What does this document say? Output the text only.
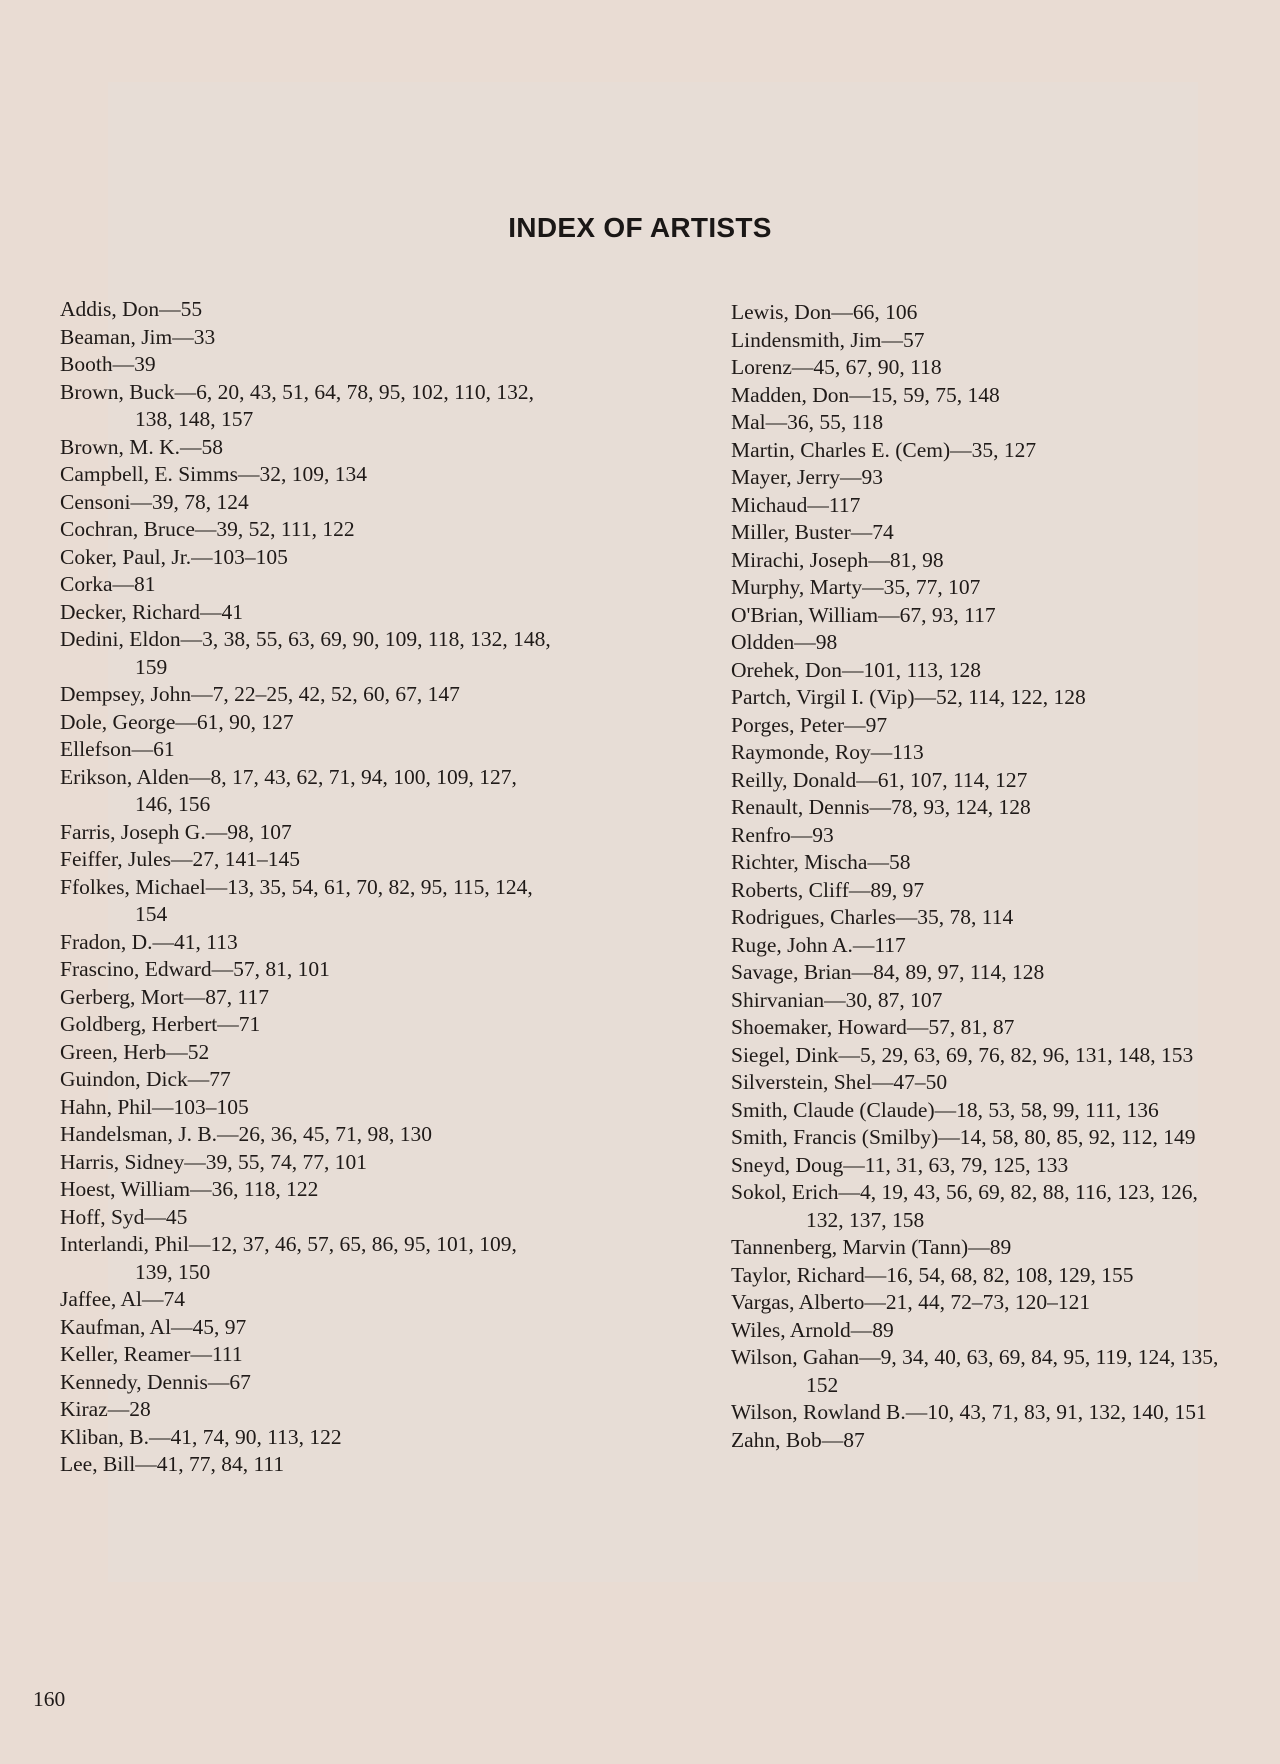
INDEX OF ARTISTS

Addis, Don—55

Beaman, Jim—33

Booth—39

Brown, Buck—6, 20, 43, 51, 64, 78, 95, 102, 110, 132,
138, 148, 157

Brown, M. K.—58

Campbell, E. Simms—32, 109, 134

Censoni—39, 78, 124

Cochran, Bruce—39, 52, 111, 122

Coker, Paul, Jr.—103–105

Corka—81

Decker, Richard—41

Dedini, Eldon—3, 38, 55, 63, 69, 90, 109, 118, 132, 148,
159

Dempsey, John—7, 22–25, 42, 52, 60, 67, 147

Dole, George—61, 90, 127

Ellefson—61

Erikson, Alden—8, 17, 43, 62, 71, 94, 100, 109, 127,
146, 156

Farris, Joseph G.—98, 107

Feiffer, Jules—27, 141–145

Ffolkes, Michael—13, 35, 54, 61, 70, 82, 95, 115, 124,
154

Fradon, D.—41, 113

Frascino, Edward—57, 81, 101

Gerberg, Mort—87, 117

Goldberg, Herbert—71

Green, Herb—52

Guindon, Dick—77

Hahn, Phil—103–105

Handelsman, J. B.—26, 36, 45, 71, 98, 130

Harris, Sidney—39, 55, 74, 77, 101

Hoest, William—36, 118, 122

Hoff, Syd—45

Interlandi, Phil—12, 37, 46, 57, 65, 86, 95, 101, 109,
139, 150

Jaffee, Al—74

Kaufman, Al—45, 97

Keller, Reamer—111

Kennedy, Dennis—67

Kiraz—28

Kliban, B.—41, 74, 90, 113, 122

Lee, Bill—41, 77, 84, 111

Lewis, Don—66, 106

Lindensmith, Jim—57

Lorenz—45, 67, 90, 118

Madden, Don—15, 59, 75, 148

Mal—36, 55, 118

Martin, Charles E. (Cem)—35, 127

Mayer, Jerry—93

Michaud—117

Miller, Buster—74

Mirachi, Joseph—81, 98

Murphy, Marty—35, 77, 107

O'Brian, William—67, 93, 117

Oldden—98

Orehek, Don—101, 113, 128

Partch, Virgil I. (Vip)—52, 114, 122, 128

Porges, Peter—97

Raymonde, Roy—113

Reilly, Donald—61, 107, 114, 127

Renault, Dennis—78, 93, 124, 128

Renfro—93

Richter, Mischa—58

Roberts, Cliff—89, 97

Rodrigues, Charles—35, 78, 114

Ruge, John A.—117

Savage, Brian—84, 89, 97, 114, 128

Shirvanian—30, 87, 107

Shoemaker, Howard—57, 81, 87

Siegel, Dink—5, 29, 63, 69, 76, 82, 96, 131, 148, 153

Silverstein, Shel—47–50

Smith, Claude (Claude)—18, 53, 58, 99, 111, 136

Smith, Francis (Smilby)—14, 58, 80, 85, 92, 112, 149

Sneyd, Doug—11, 31, 63, 79, 125, 133

Sokol, Erich—4, 19, 43, 56, 69, 82, 88, 116, 123, 126,
132, 137, 158

Tannenberg, Marvin (Tann)—89

Taylor, Richard—16, 54, 68, 82, 108, 129, 155

Vargas, Alberto—21, 44, 72–73, 120–121

Wiles, Arnold—89

Wilson, Gahan—9, 34, 40, 63, 69, 84, 95, 119, 124, 135,
152

Wilson, Rowland B.—10, 43, 71, 83, 91, 132, 140, 151

Zahn, Bob—87

160
